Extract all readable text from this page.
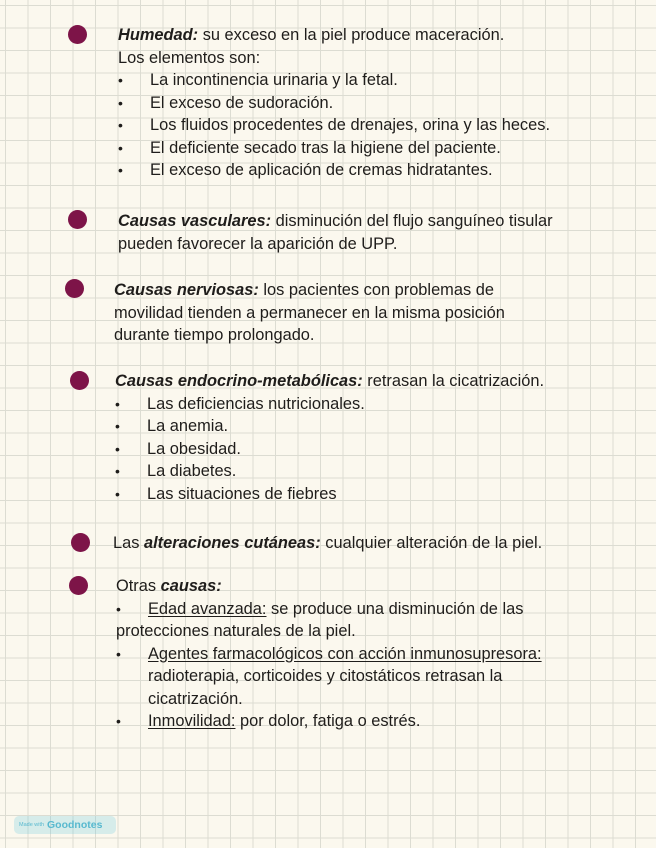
Humedad: su exceso en la piel produce maceración.
Los elementos son:
• La incontinencia urinaria y la fetal.
• El exceso de sudoración.
• Los fluidos procedentes de drenajes, orina y las heces.
• El deficiente secado tras la higiene del paciente.
• El exceso de aplicación de cremas hidratantes.
Causas vasculares: disminución del flujo sanguíneo tisular
pueden favorecer la aparición de UPP.
Causas nerviosas: los pacientes con problemas de
movilidad tienden a permanecer en la misma posición
durante tiempo prolongado.
Causas endocrino-metabólicas: retrasan la cicatrización.
• Las deficiencias nutricionales.
• La anemia.
• La obesidad.
• La diabetes.
• Las situaciones de fiebres
Las alteraciones cutáneas: cualquier alteración de la piel.
Otras causas:
• Edad avanzada: se produce una disminución de las
protecciones naturales de la piel.
• Agentes farmacológicos con acción inmunosupresora:
radioterapia, corticoides y citostáticos retrasan la
cicatrización.
• Inmovilidad: por dolor, fatiga o estrés.
Made with Goodnotes
